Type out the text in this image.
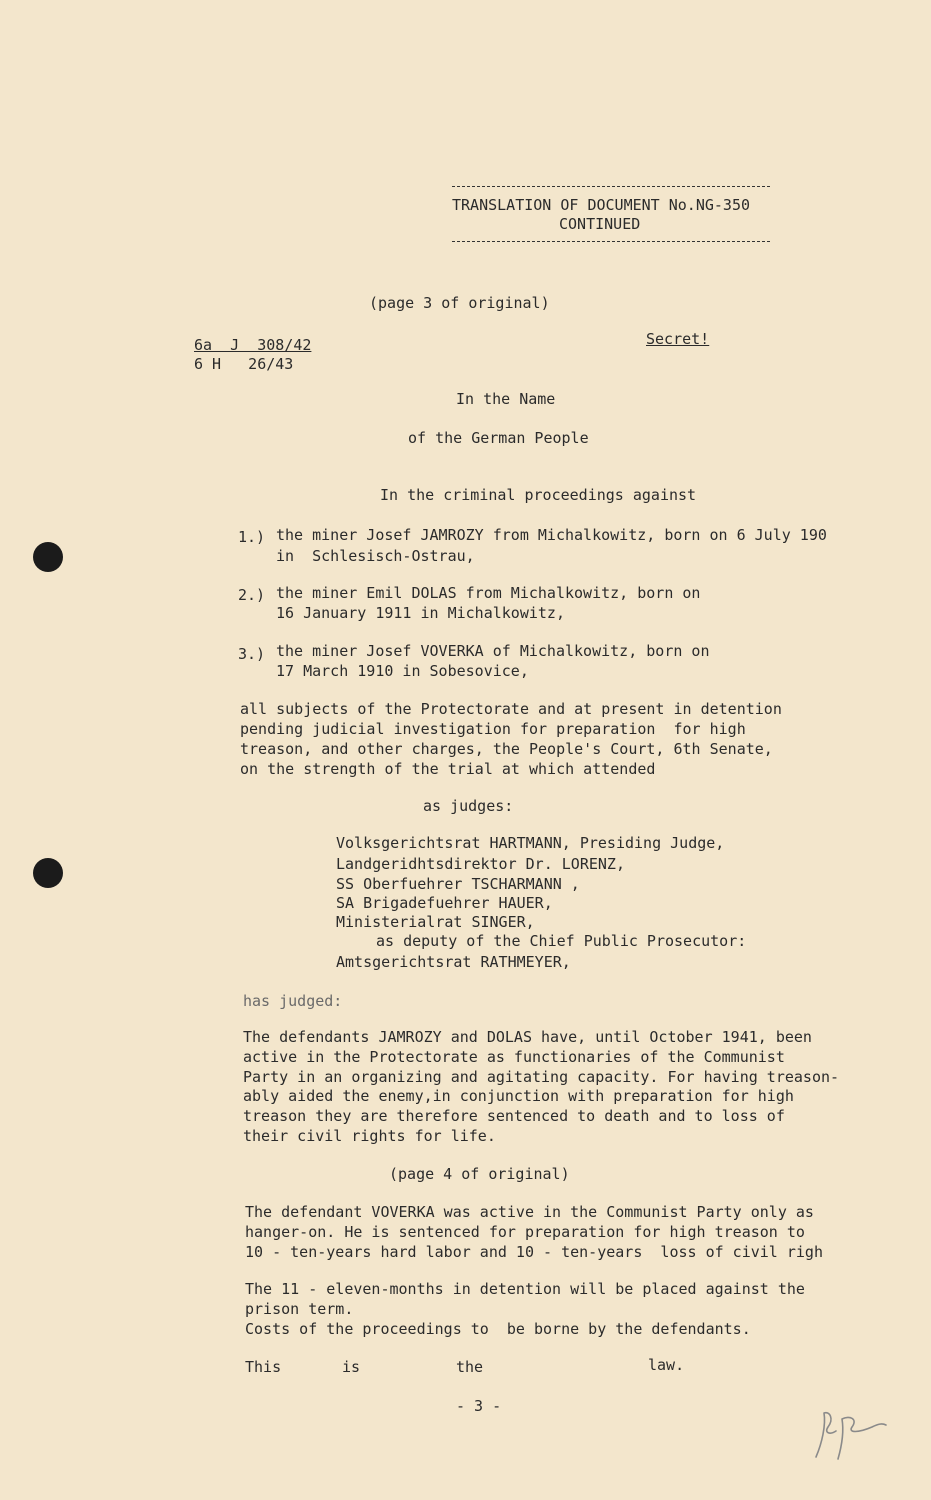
TRANSLATION OF DOCUMENT No.NG-350
CONTINUED
(page 3 of original)
6a  J  308/42
6 H   26/43
Secret!
In the Name
of the German People
In the criminal proceedings against
1.) the miner Josef JAMROZY from Michalkowitz, born on 6 July 190
in  Schlesisch-Ostrau,
2.) the miner Emil DOLAS from Michalkowitz, born on
16 January 1911 in Michalkowitz,
3.) the miner Josef VOVERKA of Michalkowitz, born on
17 March 1910 in Sobesovice,
all subjects of the Protectorate and at present in detention
pending judicial investigation for preparation  for high
treason, and other charges, the People's Court, 6th Senate,
on the strength of the trial at which attended
as judges:
Volksgerichtsrat HARTMANN, Presiding Judge,
Landgeridhtsdirektor Dr. LORENZ,
SS Oberfuehrer TSCHARMANN ,
SA Brigadefuehrer HAUER,
Ministerialrat SINGER,
as deputy of the Chief Public Prosecutor:
Amtsgerichtsrat RATHMEYER,
has judged:
The defendants JAMROZY and DOLAS have, until October 1941, been
active in the Protectorate as functionaries of the Communist
Party in an organizing and agitating capacity. For having treason-
ably aided the enemy,in conjunction with preparation for high
treason they are therefore sentenced to death and to loss of
their civil rights for life.
(page 4 of original)
The defendant VOVERKA was active in the Communist Party only as
hanger-on. He is sentenced for preparation for high treason to
10 - ten-years hard labor and 10 - ten-years  loss of civil righ
The 11 - eleven-months in detention will be placed against the
prison term.
Costs of the proceedings to  be borne by the defendants.
This	is	the	law.
- 3 -
